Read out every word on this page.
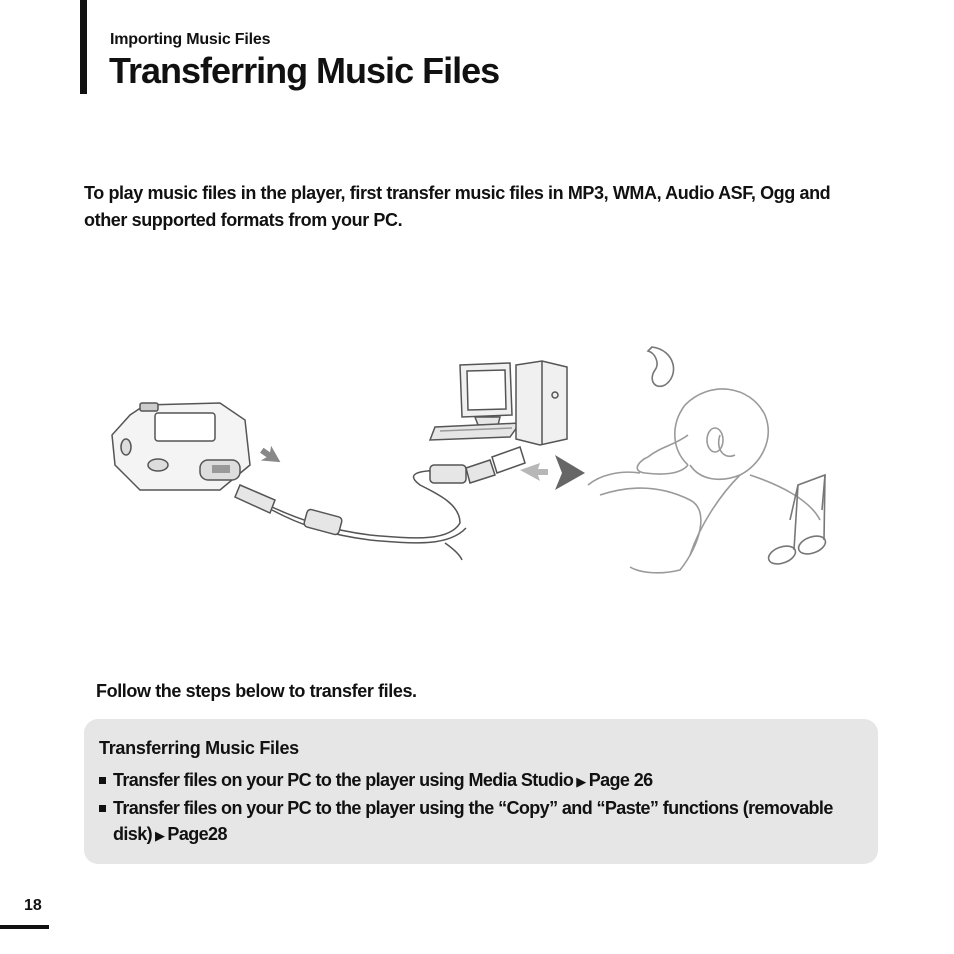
Importing Music Files
Transferring Music Files

To play music files in the player, first transfer music files in MP3, WMA, Audio ASF, Ogg and other supported formats from your PC.

Follow the steps below to transfer files.

Transferring Music Files
Transfer files on your PC to the player using Media Studio ▶ Page 26
Transfer files on your PC to the player using the “Copy” and “Paste” functions (removable disk) ▶ Page28
18
